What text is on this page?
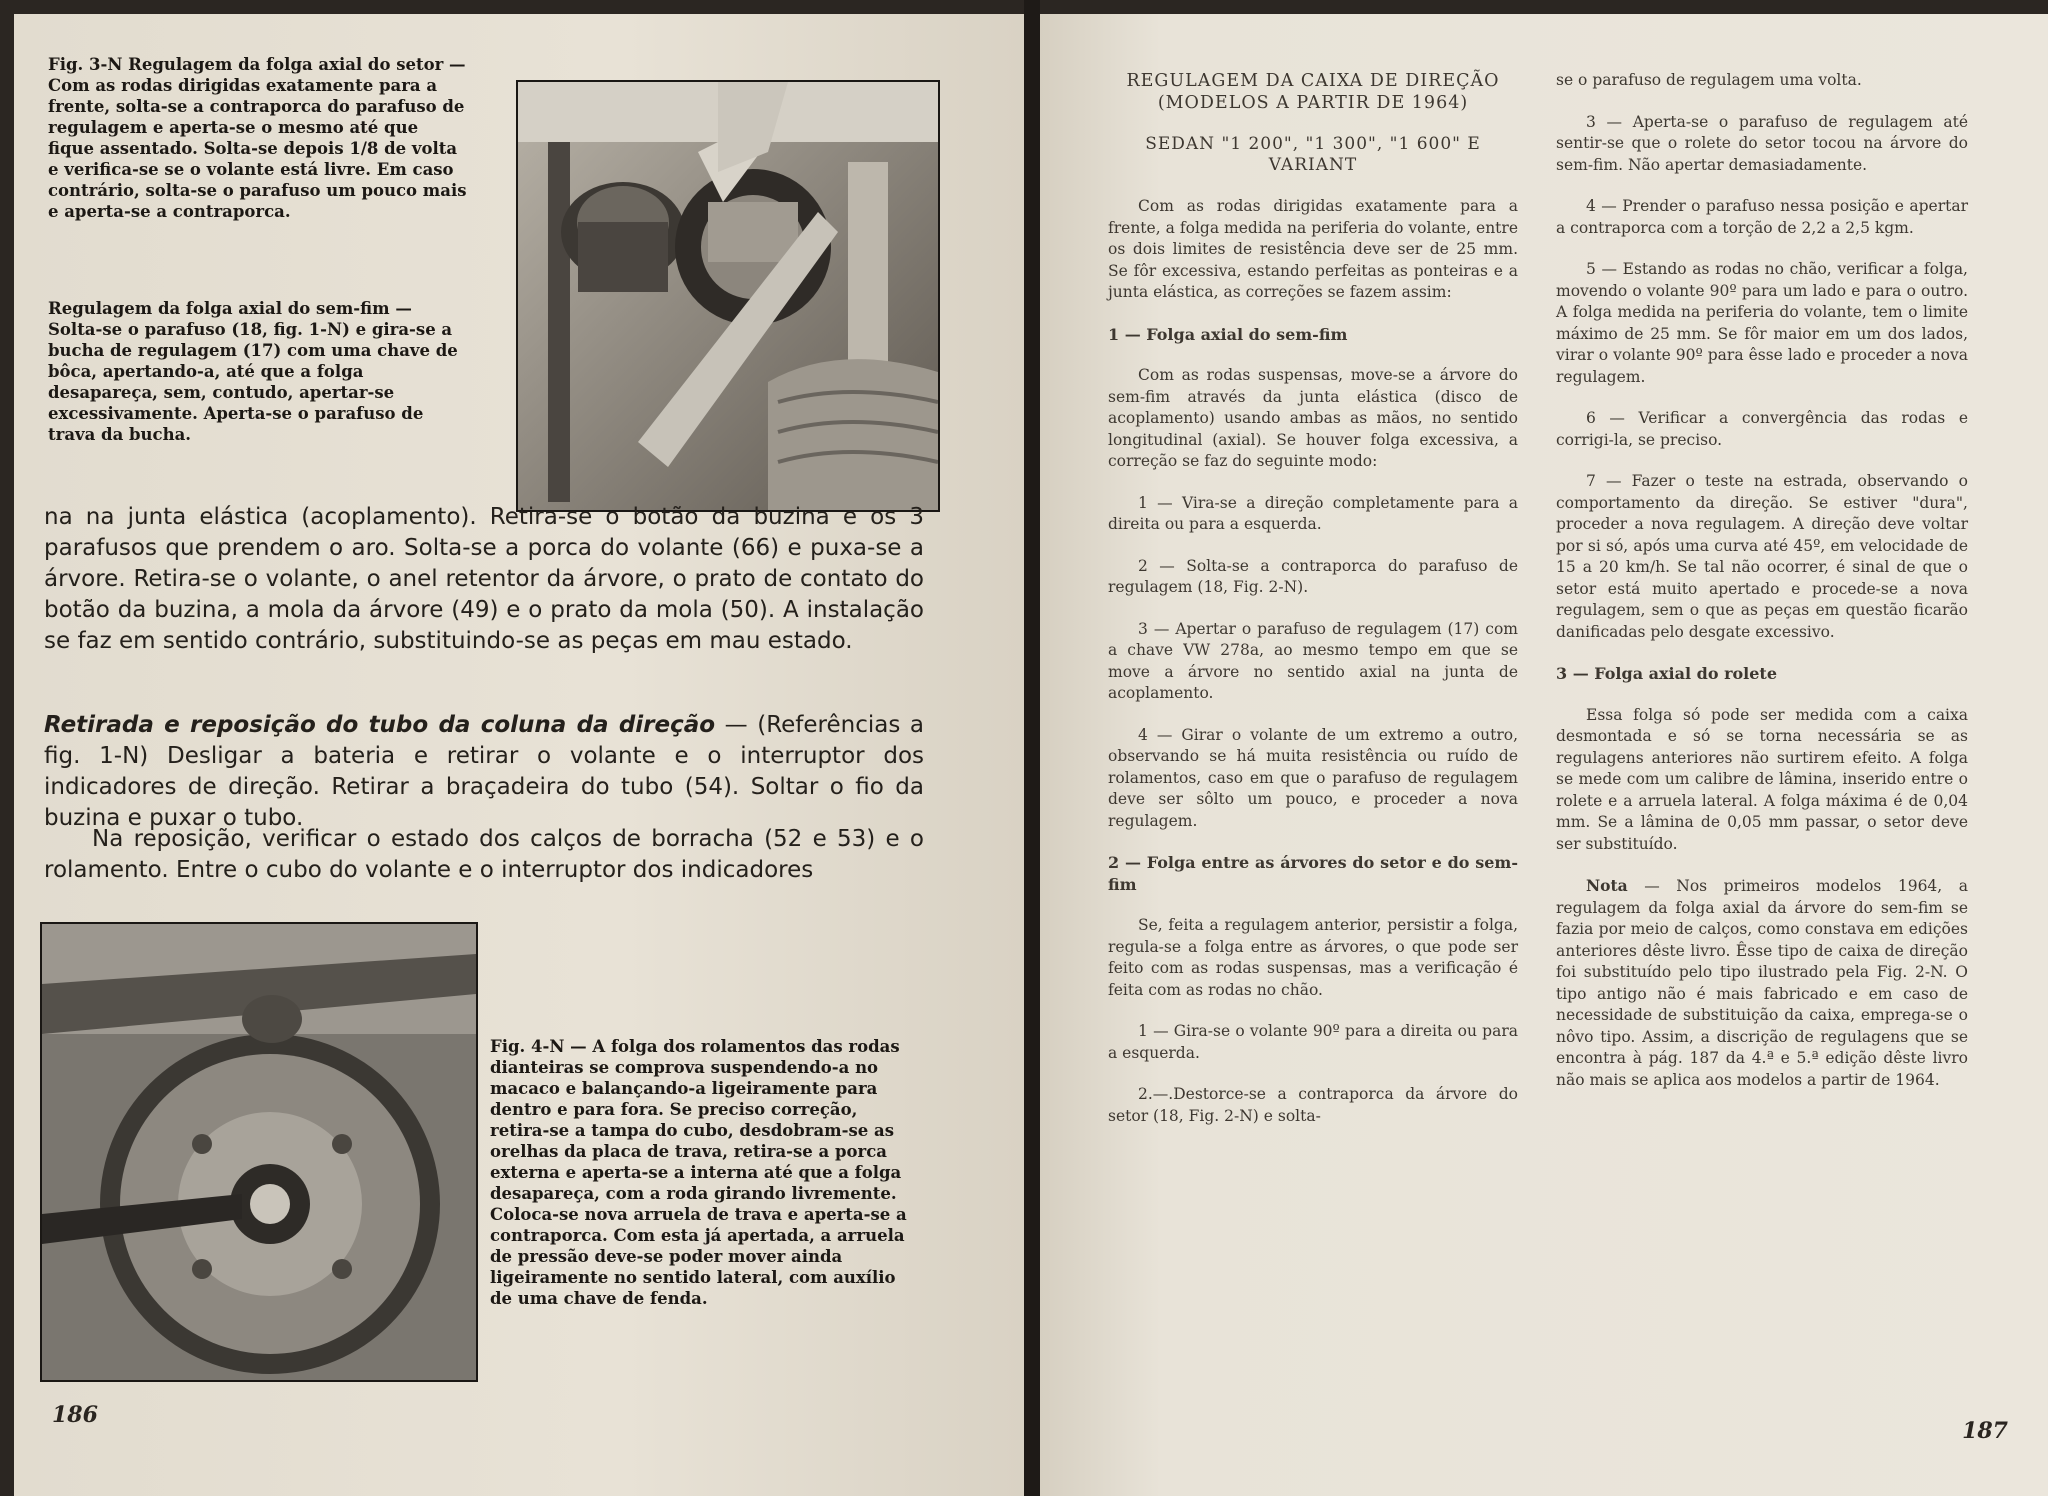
Fig. 3-N Regulagem da folga axial do setor — Com as rodas dirigidas exatamente para a frente, solta-se a contraporca do parafuso de regulagem e aperta-se o mesmo até que fique assentado. Solta-se depois 1/8 de volta e verifica-se se o volante está livre. Em caso contrário, solta-se o parafuso um pouco mais e aperta-se a contraporca.
Regulagem da folga axial do sem-fim — Solta-se o parafuso (18, fig. 1-N) e gira-se a bucha de regulagem (17) com uma chave de bôca, apertando-a, até que a folga desapareça, sem, contudo, apertar-se excessivamente. Aperta-se o parafuso de trava da bucha.
na na junta elástica (acoplamento). Retira-se o botão da buzina e os 3 parafusos que prendem o aro. Solta-se a porca do volante (66) e puxa-se a árvore. Retira-se o volante, o anel retentor da árvore, o prato de contato do botão da buzina, a mola da árvore (49) e o prato da mola (50). A instalação se faz em sentido contrário, substituindo-se as peças em mau estado.
Retirada e reposição do tubo da coluna da direção — (Referências a fig. 1-N) Desligar a bateria e retirar o volante e o interruptor dos indicadores de direção. Retirar a braçadeira do tubo (54). Soltar o fio da buzina e puxar o tubo.
Na reposição, verificar o estado dos calços de borracha (52 e 53) e o rolamento. Entre o cubo do volante e o interruptor dos indicadores
Fig. 4-N — A folga dos rolamentos das rodas dianteiras se comprova suspendendo-a no macaco e balançando-a ligeiramente para dentro e para fora. Se preciso correção, retira-se a tampa do cubo, desdobram-se as orelhas da placa de trava, retira-se a porca externa e aperta-se a interna até que a folga desapareça, com a roda girando livremente. Coloca-se nova arruela de trava e aperta-se a contraporca. Com esta já apertada, a arruela de pressão deve-se poder mover ainda ligeiramente no sentido lateral, com auxílio de uma chave de fenda.
186

REGULAGEM DA CAIXA DE DIREÇÃO (MODELOS A PARTIR DE 1964)

SEDAN "1 200", "1 300", "1 600" E VARIANT

Com as rodas dirigidas exatamente para a frente, a folga medida na periferia do volante, entre os dois limites de resistência deve ser de 25 mm. Se fôr excessiva, estando perfeitas as ponteiras e a junta elástica, as correções se fazem assim:

1 — Folga axial do sem-fim

Com as rodas suspensas, move-se a árvore do sem-fim através da junta elástica (disco de acoplamento) usando ambas as mãos, no sentido longitudinal (axial). Se houver folga excessiva, a correção se faz do seguinte modo:

1 — Vira-se a direção completamente para a direita ou para a esquerda.

2 — Solta-se a contraporca do parafuso de regulagem (18, Fig. 2-N).

3 — Apertar o parafuso de regulagem (17) com a chave VW 278a, ao mesmo tempo em que se move a árvore no sentido axial na junta de acoplamento.

4 — Girar o volante de um extremo a outro, observando se há muita resistência ou ruído de rolamentos, caso em que o parafuso de regulagem deve ser sôlto um pouco, e proceder a nova regulagem.

2 — Folga entre as árvores do setor e do sem-fim

Se, feita a regulagem anterior, persistir a folga, regula-se a folga entre as árvores, o que pode ser feito com as rodas suspensas, mas a verificação é feita com as rodas no chão.

1 — Gira-se o volante 90º para a direita ou para a esquerda.

2.—.Destorce-se a contraporca da árvore do setor (18, Fig. 2-N) e solta-

se o parafuso de regulagem uma volta.

3 — Aperta-se o parafuso de regulagem até sentir-se que o rolete do setor tocou na árvore do sem-fim. Não apertar demasiadamente.

4 — Prender o parafuso nessa posição e apertar a contraporca com a torção de 2,2 a 2,5 kgm.

5 — Estando as rodas no chão, verificar a folga, movendo o volante 90º para um lado e para o outro. A folga medida na periferia do volante, tem o limite máximo de 25 mm. Se fôr maior em um dos lados, virar o volante 90º para êsse lado e proceder a nova regulagem.

6 — Verificar a convergência das rodas e corrigi-la, se preciso.

7 — Fazer o teste na estrada, observando o comportamento da direção. Se estiver "dura", proceder a nova regulagem. A direção deve voltar por si só, após uma curva até 45º, em velocidade de 15 a 20 km/h. Se tal não ocorrer, é sinal de que o setor está muito apertado e procede-se a nova regulagem, sem o que as peças em questão ficarão danificadas pelo desgate excessivo.

3 — Folga axial do rolete

Essa folga só pode ser medida com a caixa desmontada e só se torna necessária se as regulagens anteriores não surtirem efeito. A folga se mede com um calibre de lâmina, inserido entre o rolete e a arruela lateral. A folga máxima é de 0,04 mm. Se a lâmina de 0,05 mm passar, o setor deve ser substituído.

Nota — Nos primeiros modelos 1964, a regulagem da folga axial da árvore do sem-fim se fazia por meio de calços, como constava em edições anteriores dêste livro. Êsse tipo de caixa de direção foi substituído pelo tipo ilustrado pela Fig. 2-N. O tipo antigo não é mais fabricado e em caso de necessidade de substituição da caixa, emprega-se o nôvo tipo. Assim, a discrição de regulagens que se encontra à pág. 187 da 4.ª e 5.ª edição dêste livro não mais se aplica aos modelos a partir de 1964.

187
